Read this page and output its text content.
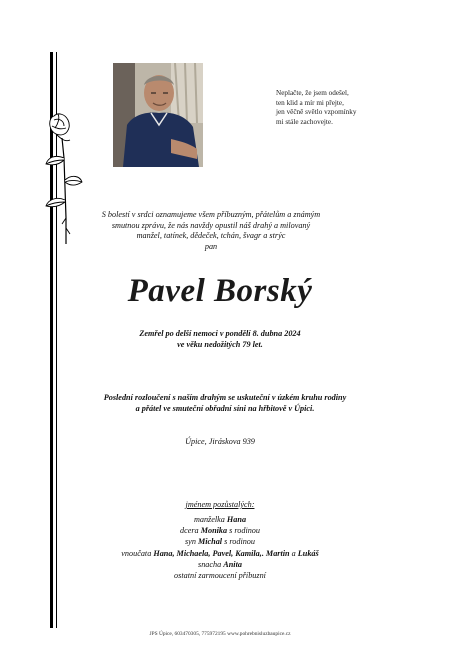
Neplačte, že jsem odešel,
ten klid a mír mi přejte,
jen věčně světlo vzpomínky
mi stále zachovejte.
S bolestí v srdci oznamujeme všem příbuzným, přátelům a známým
smutnou zprávu, že nás navždy opustil náš drahý a milovaný
manžel, tatínek, dědeček, tchán, švagr a strýc
pan
Pavel Borský
Zemřel po delší nemoci v pondělí 8. dubna 2024
ve věku nedožitých 79 let.
Poslední rozloučení s naším drahým se uskuteční v úzkém kruhu rodiny
a přátel ve smuteční obřadní síni na hřbitově v Úpici.
Úpice, Jiráskova 939
jménem pozůstalých:
manželka Hana
dcera Monika s rodinou
syn Michal s rodinou
vnoučata Hana, Michaela, Pavel, Kamila,. Martin a Lukáš
snacha Anita
ostatní zarmoucení příbuzní
JPS Úpice, 603470305, 775972195 www.pohrebnisluzbaupice.cz
